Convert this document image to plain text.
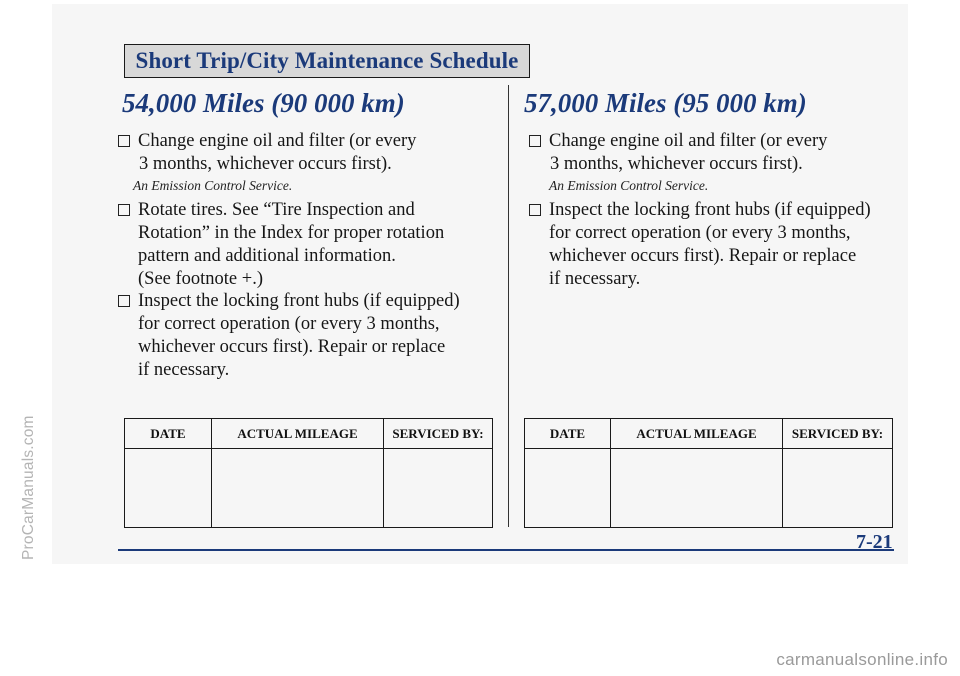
ProCarManuals.com
Short Trip/City Maintenance Schedule
54,000 Miles (90 000 km)
Change engine oil and filter (or every
3 months, whichever occurs first).
An Emission Control Service.
Rotate tires. See “Tire Inspection and
Rotation” in the Index for proper rotation
pattern and additional information.
(See footnote +.)
Inspect the locking front hubs (if equipped)
for correct operation (or every 3 months,
whichever occurs first). Repair or replace
if necessary.
DATE	ACTUAL MILEAGE	SERVICED BY:

57,000 Miles (95 000 km)
Change engine oil and filter (or every
3 months, whichever occurs first).
An Emission Control Service.
Inspect the locking front hubs (if equipped)
for correct operation (or every 3 months,
whichever occurs first). Repair or replace
if necessary.
DATE	ACTUAL MILEAGE	SERVICED BY:

7-21
carmanualsonline.info
